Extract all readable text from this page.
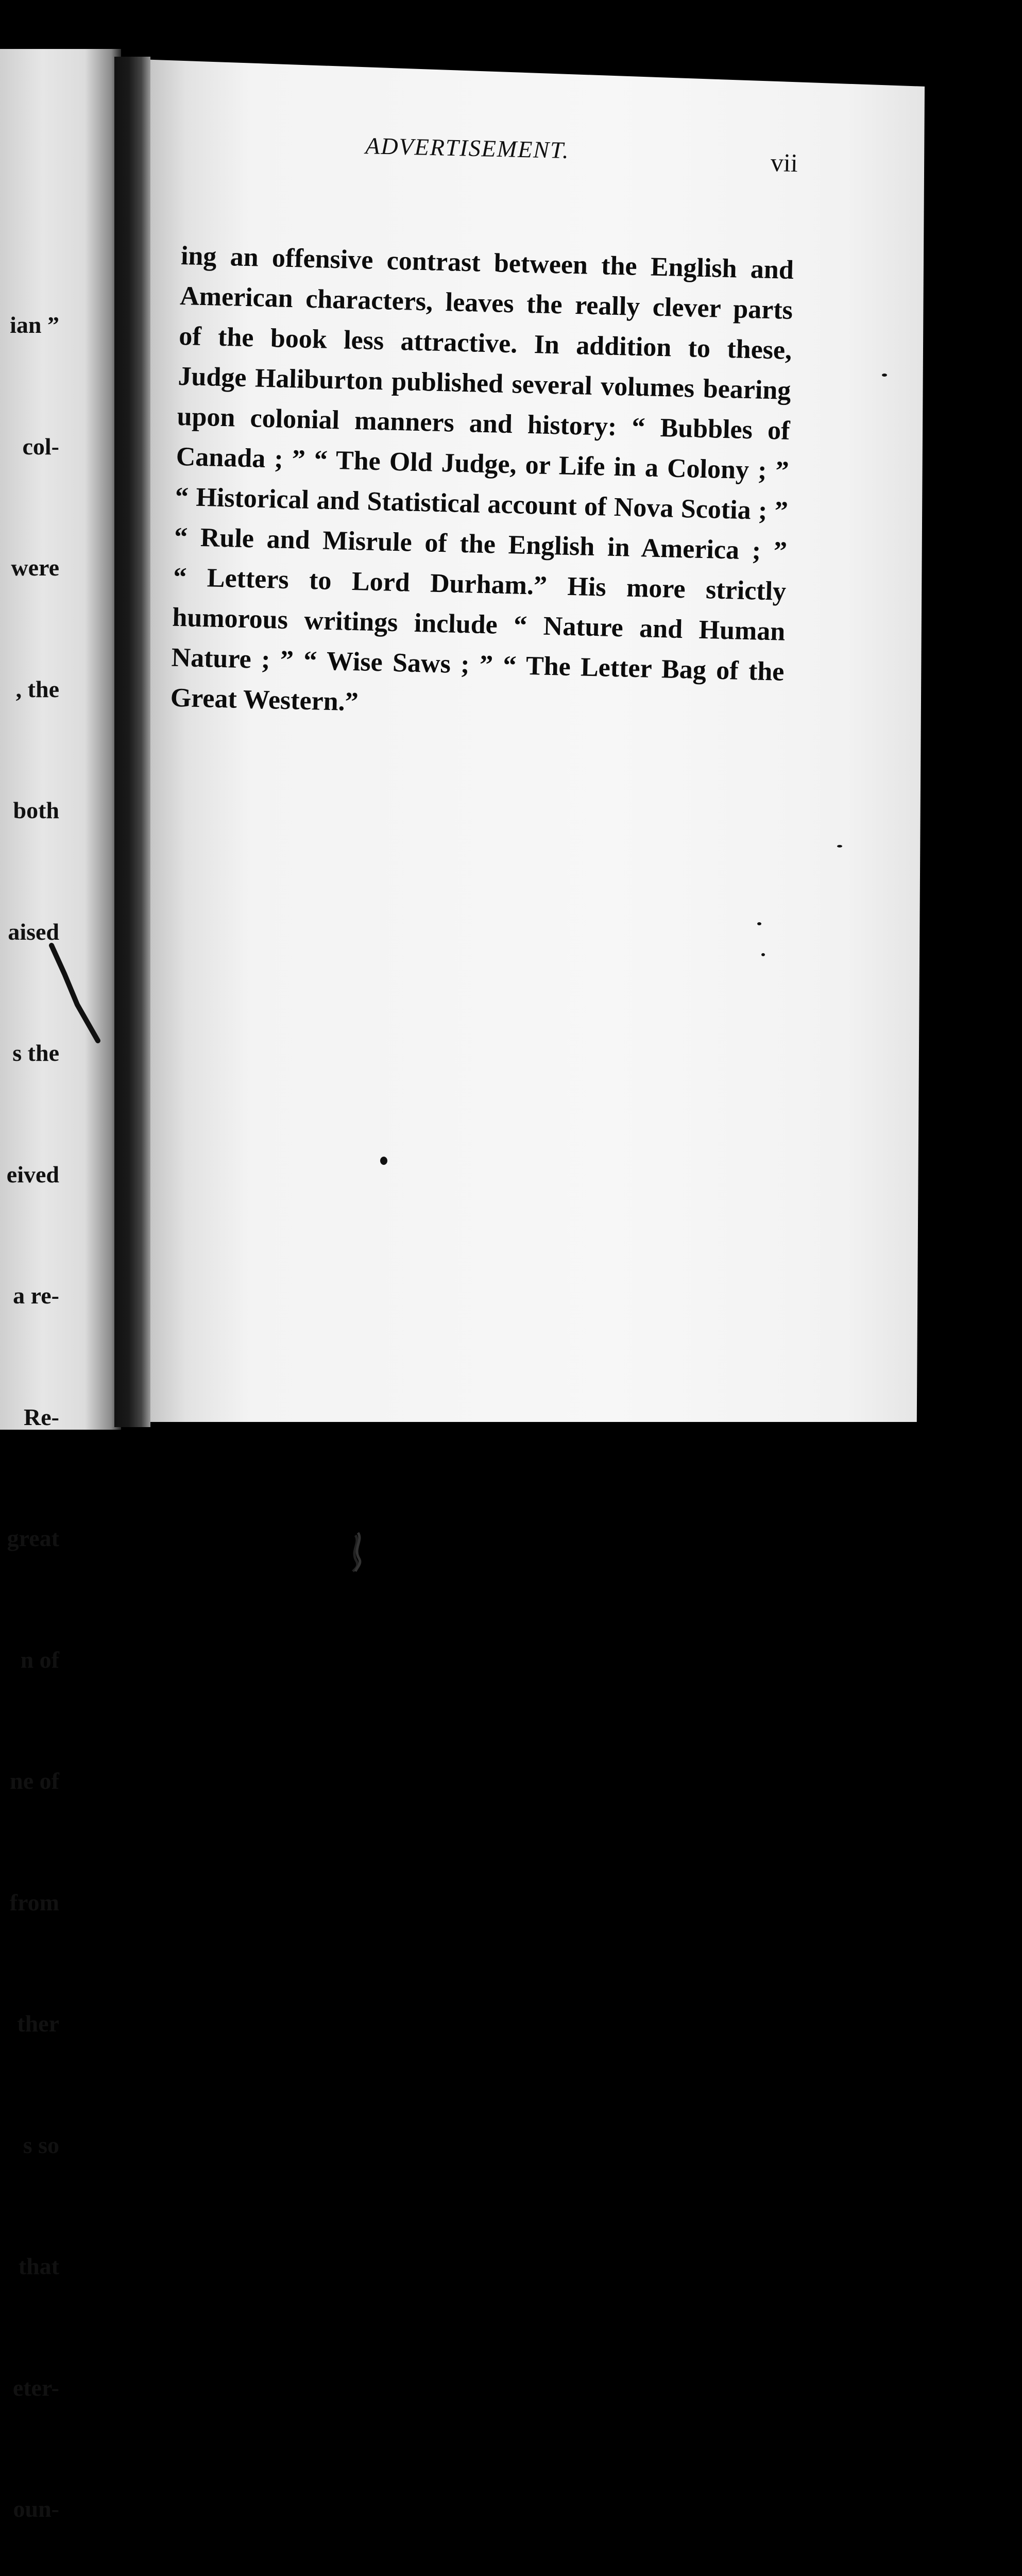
ian ”

col-

were

, the

both

aised

s the

eived

a re-

Re-

great

n of

ne of

from

ther

s so

that

eter-

oun-

ADVERTISEMENT.	vii
ing an offensive contrast between the English and
American characters, leaves the really clever parts
of the book less attractive. In addition to these,
Judge Haliburton published several volumes bearing
upon colonial manners and history: “ Bubbles of
Canada ; ” “ The Old Judge, or Life in a Colony ; ”
“ Historical and Statistical account of Nova Scotia ; ”
“ Rule and Misrule of the English in America ; ”
“ Letters to Lord Durham.” His more strictly
humorous writings include “ Nature and Human
Nature ; ” “ Wise Saws ; ” “ The Letter Bag of the
Great Western.”
